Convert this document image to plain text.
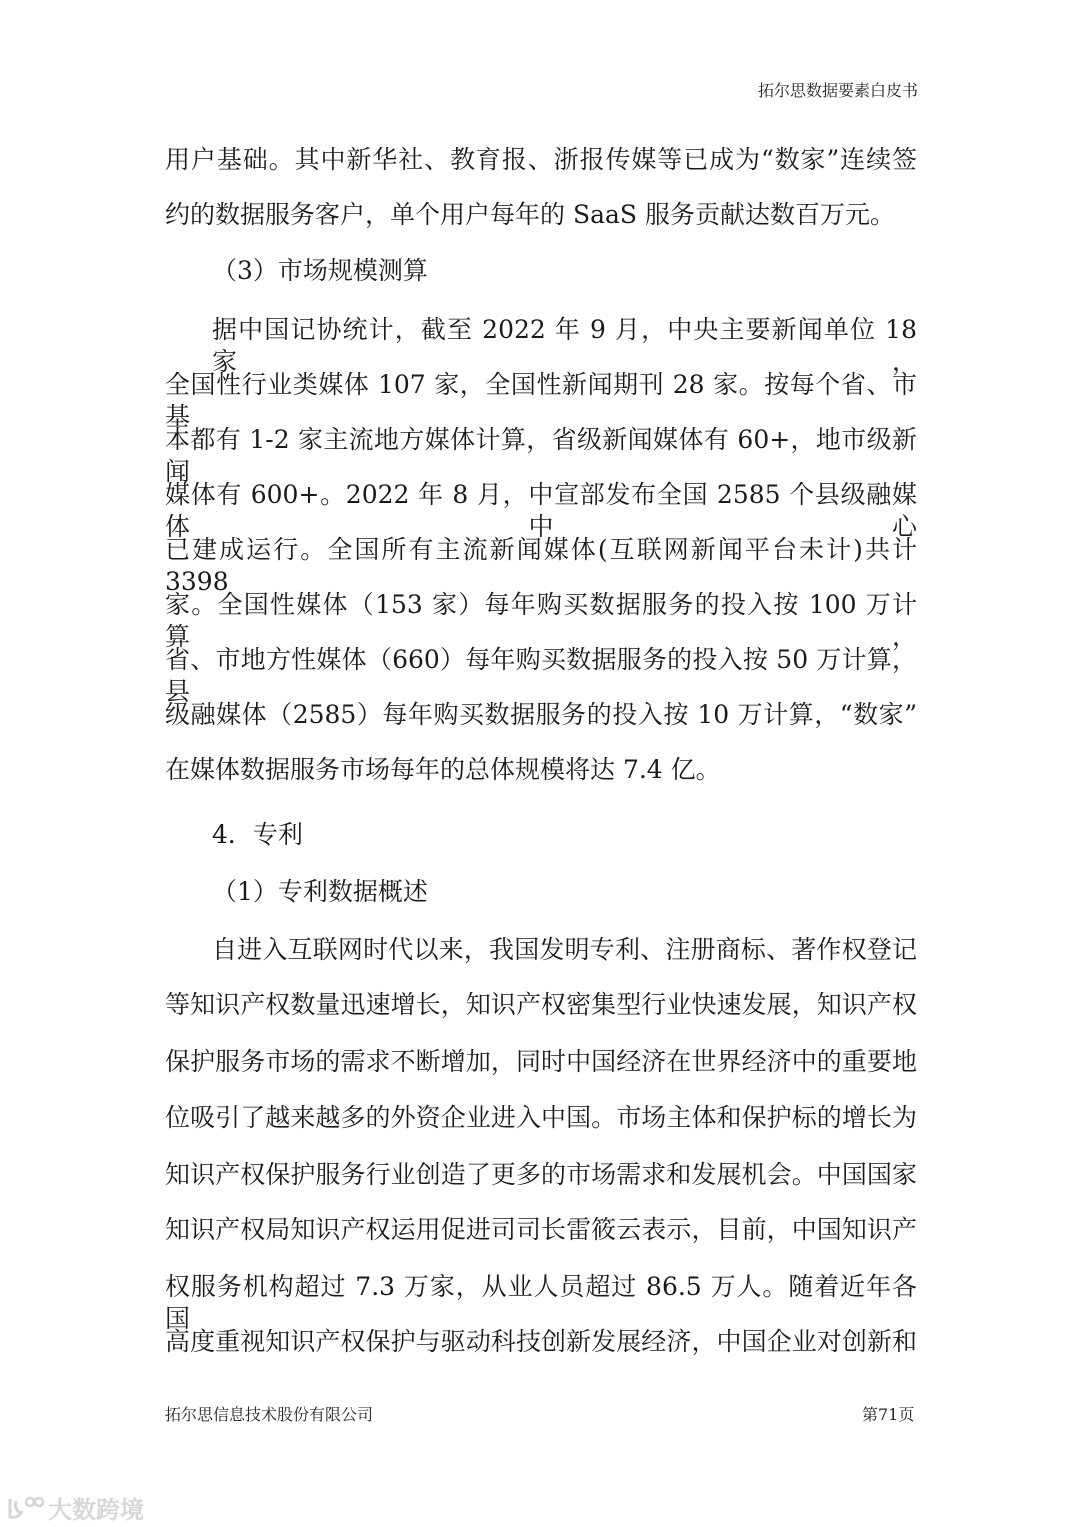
拓尔思数据要素白皮书
用户基础。其中新华社、教育报、浙报传媒等已成为“数家”连续签
约的数据服务客户，单个用户每年的 SaaS 服务贡献达数百万元。
（3）市场规模测算
据中国记协统计，截至 2022 年 9 月，中央主要新闻单位 18 家，
全国性行业类媒体 107 家，全国性新闻期刊 28 家。按每个省、市基
本都有 1-2 家主流地方媒体计算，省级新闻媒体有 60+，地市级新闻
媒体有 600+。2022 年 8 月，中宣部发布全国 2585 个县级融媒体中心
已建成运行。全国所有主流新闻媒体(互联网新闻平台未计)共计 3398
家。全国性媒体（153 家）每年购买数据服务的投入按 100 万计算，
省、市地方性媒体（660）每年购买数据服务的投入按 50 万计算，县
级融媒体（2585）每年购买数据服务的投入按 10 万计算，“数家”
在媒体数据服务市场每年的总体规模将达 7.4 亿。
4．专利
（1）专利数据概述
自进入互联网时代以来，我国发明专利、注册商标、著作权登记
等知识产权数量迅速增长，知识产权密集型行业快速发展，知识产权
保护服务市场的需求不断增加，同时中国经济在世界经济中的重要地
位吸引了越来越多的外资企业进入中国。市场主体和保护标的增长为
知识产权保护服务行业创造了更多的市场需求和发展机会。中国国家
知识产权局知识产权运用促进司司长雷筱云表示，目前，中国知识产
权服务机构超过 7.3 万家，从业人员超过 86.5 万人。随着近年各国
高度重视知识产权保护与驱动科技创新发展经济，中国企业对创新和
拓尔思信息技术股份有限公司	第71页
大数跨境
